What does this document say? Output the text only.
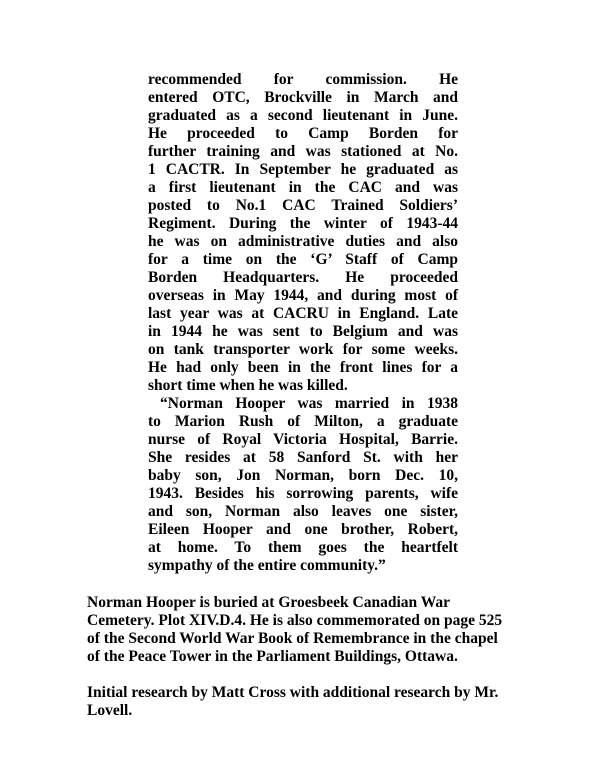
recommended for commission. He
entered OTC, Brockville in March and
graduated as a second lieutenant in June.
He proceeded to Camp Borden for
further training and was stationed at No.
1 CACTR. In September he graduated as
a first lieutenant in the CAC and was
posted to No.1 CAC Trained Soldiers’
Regiment. During the winter of 1943-44
he was on administrative duties and also
for a time on the ‘G’ Staff of Camp
Borden Headquarters. He proceeded
overseas in May 1944, and during most of
last year was at CACRU in England. Late
in 1944 he was sent to Belgium and was
on tank transporter work for some weeks.
He had only been in the front lines for a
short time when he was killed.

“Norman Hooper was married in 1938
to Marion Rush of Milton, a graduate
nurse of Royal Victoria Hospital, Barrie.
She resides at 58 Sanford St. with her
baby son, Jon Norman, born Dec. 10,
1943. Besides his sorrowing parents, wife
and son, Norman also leaves one sister,
Eileen Hooper and one brother, Robert,
at home. To them goes the heartfelt
sympathy of the entire community.”

Norman Hooper is buried at Groesbeek Canadian War
Cemetery. Plot XIV.D.4. He is also commemorated on page 525
of the Second World War Book of Remembrance in the chapel
of the Peace Tower in the Parliament Buildings, Ottawa.

Initial research by Matt Cross with additional research by Mr.
Lovell.
